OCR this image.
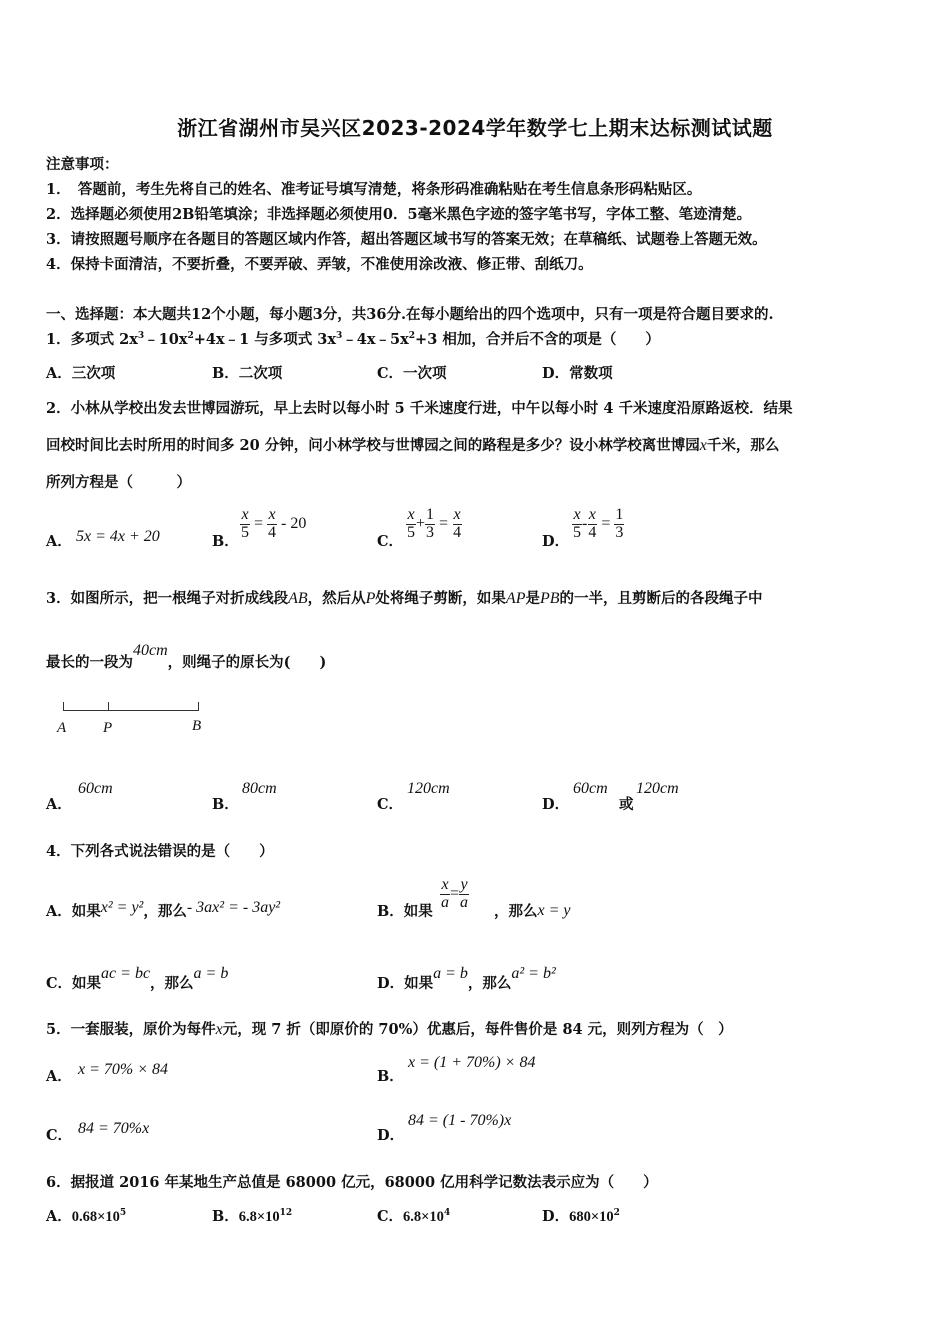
浙江省湖州市吴兴区2023-2024学年数学七上期末达标测试试题
注意事项：
1．　答题前，考生先将自己的姓名、准考证号填写清楚，将条形码准确粘贴在考生信息条形码粘贴区。
2．选择题必须使用2B铅笔填涂；非选择题必须使用0．5毫米黑色字迹的签字笔书写，字体工整、笔迹清楚。
3．请按照题号顺序在各题目的答题区域内作答，超出答题区域书写的答案无效；在草稿纸、试题卷上答题无效。
4．保持卡面清洁，不要折叠，不要弄破、弄皱，不准使用涂改液、修正带、刮纸刀。
一、选择题：本大题共12个小题，每小题3分，共36分.在每小题给出的四个选项中，只有一项是符合题目要求的.
1．多项式 $2x^3﹣10x^2+4x﹣1$ 与多项式 $3x^3﹣4x﹣5x^2+3$ 相加，合并后不含的项是（　　）
A．三次项	B．二次项	C．一次项	D．常数项
2．小林从学校出发去世博园游玩，早上去时以每小时 5 千米速度行进，中午以每小时 4 千米速度沿原路返校．结果
回校时间比去时所用的时间多 20 分钟，问小林学校与世博园之间的路程是多少？设小林学校离世博园x千米，那么
所列方程是（　　　）
A． 5x = 4x + 20	B． $\frac{x}{5} = \frac{x}{4} - 20$
C． $\frac{x}{5} + \frac{1}{3} = \frac{x}{4}$	D． $\frac{x}{5} - \frac{x}{4} = \frac{1}{3}$
3．如图所示，把一根绳子对折成线段AB，然后从P处将绳子剪断，如果AP是PB的一半，且剪断后的各段绳子中
最长的一段为40cm，则绳子的原长为(　　)
A P	B
A．
60cm
B．
80cm
C．
120cm
D．
60cm
或
120cm
4．下列各式说法错误的是（　　）
A．如果x² = y²，那么- 3ax² = - 3ay²	B．如果 $\frac{x}{a} = \frac{y}{a}$ ，那么x = y
C．如果ac = bc，那么a = b
D．如果a = b，那么a² = b²
5．一套服装，原价为每件x元，现 7 折（即原价的 70%）优惠后，每件售价是 84 元，则列方程为（　）
A． x = 70% × 84	B．
x = (1 + 70%) × 84
C． 84 = 70%x	D．
84 = (1 - 70%)x
6．据报道 2016 年某地生产总值是 68000 亿元，68000 亿用科学记数法表示应为（　　）
A．$0.68\times 10^5$	B．$6.8\times 10^{12}$	C．$6.8\times 10^4$	D．$680\times 10^2$
